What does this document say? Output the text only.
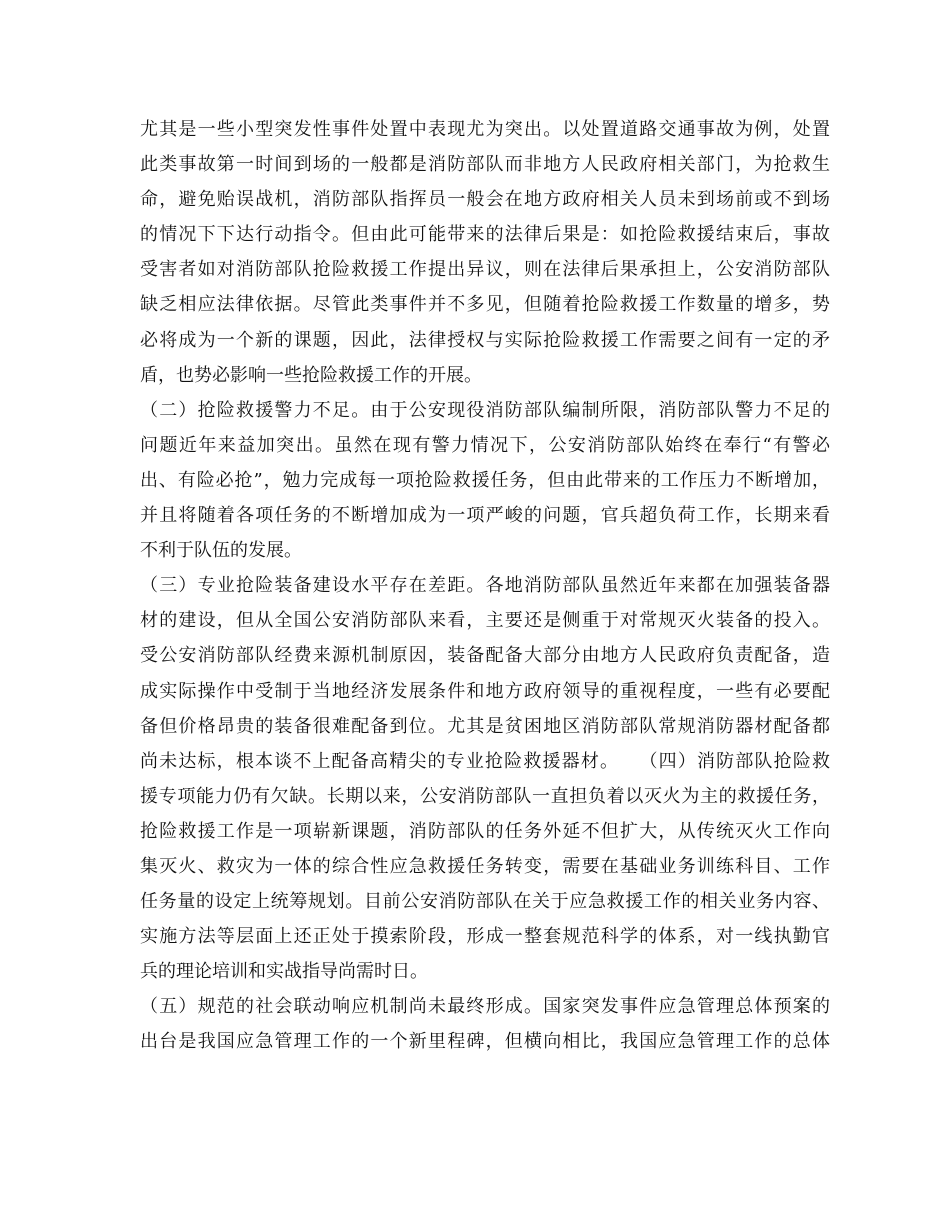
尤其是一些小型突发性事件处置中表现尤为突出。以处置道路交通事故为例，处置
此类事故第一时间到场的一般都是消防部队而非地方人民政府相关部门，为抢救生
命，避免贻误战机，消防部队指挥员一般会在地方政府相关人员未到场前或不到场
的情况下下达行动指令。但由此可能带来的法律后果是：如抢险救援结束后，事故
受害者如对消防部队抢险救援工作提出异议，则在法律后果承担上，公安消防部队
缺乏相应法律依据。尽管此类事件并不多见，但随着抢险救援工作数量的增多，势
必将成为一个新的课题，因此，法律授权与实际抢险救援工作需要之间有一定的矛
盾，也势必影响一些抢险救援工作的开展。
（二）抢险救援警力不足。由于公安现役消防部队编制所限，消防部队警力不足的
问题近年来益加突出。虽然在现有警力情况下，公安消防部队始终在奉行“有警必
出、有险必抢”，勉力完成每一项抢险救援任务，但由此带来的工作压力不断增加，
并且将随着各项任务的不断增加成为一项严峻的问题，官兵超负荷工作，长期来看
不利于队伍的发展。
（三）专业抢险装备建设水平存在差距。各地消防部队虽然近年来都在加强装备器
材的建设，但从全国公安消防部队来看，主要还是侧重于对常规灭火装备的投入。
受公安消防部队经费来源机制原因，装备配备大部分由地方人民政府负责配备，造
成实际操作中受制于当地经济发展条件和地方政府领导的重视程度，一些有必要配
备但价格昂贵的装备很难配备到位。尤其是贫困地区消防部队常规消防器材配备都
尚未达标，根本谈不上配备高精尖的专业抢险救援器材。　　（四）消防部队抢险救
援专项能力仍有欠缺。长期以来，公安消防部队一直担负着以灭火为主的救援任务，
抢险救援工作是一项崭新课题，消防部队的任务外延不但扩大，从传统灭火工作向
集灭火、救灾为一体的综合性应急救援任务转变，需要在基础业务训练科目、工作
任务量的设定上统筹规划。目前公安消防部队在关于应急救援工作的相关业务内容、
实施方法等层面上还正处于摸索阶段，形成一整套规范科学的体系，对一线执勤官
兵的理论培训和实战指导尚需时日。
（五）规范的社会联动响应机制尚未最终形成。国家突发事件应急管理总体预案的
出台是我国应急管理工作的一个新里程碑，但横向相比，我国应急管理工作的总体
